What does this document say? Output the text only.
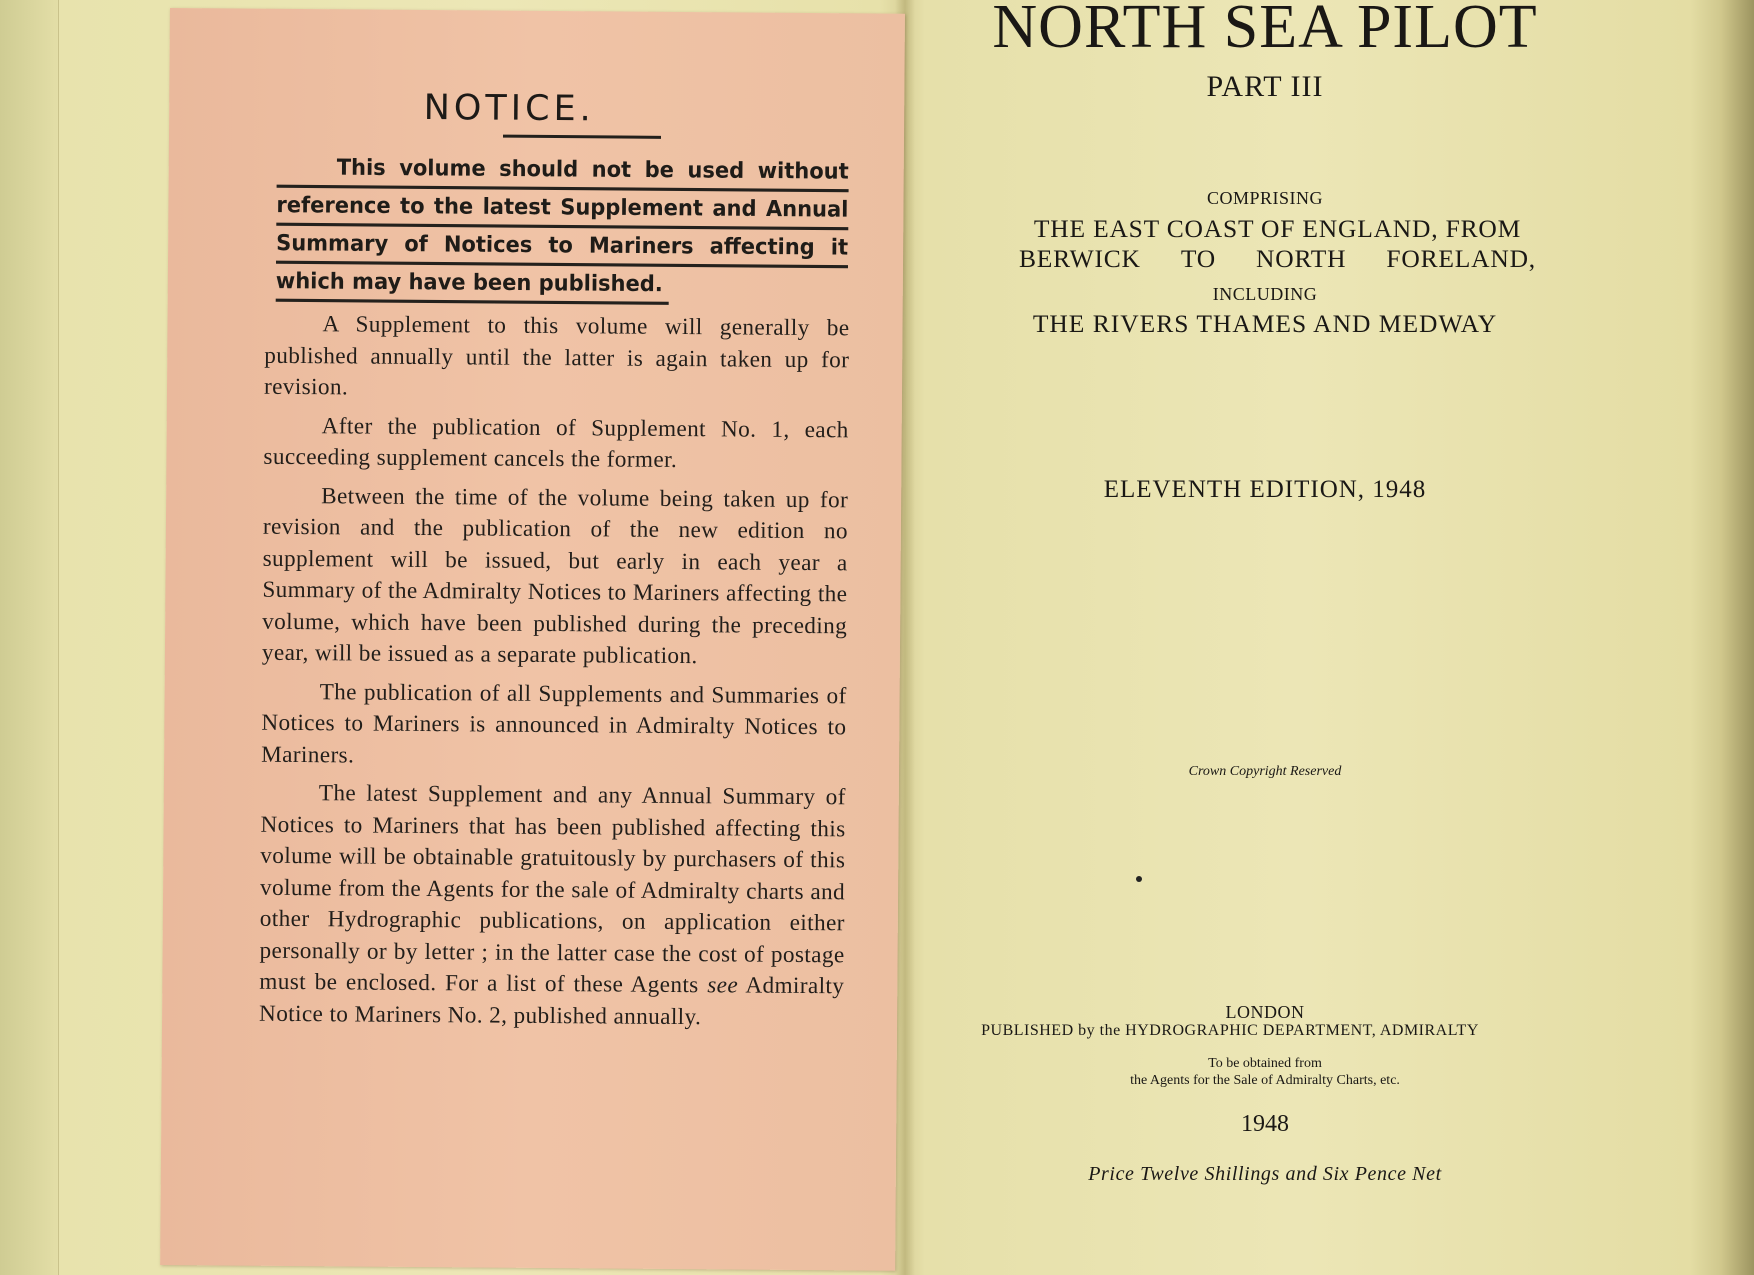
NOTICE.
This volume should not be used without
reference to the latest Supplement and Annual
Summary of Notices to Mariners affecting it
which may have been published.

A Supplement to this volume will generally be published annually until the latter is again taken up for revision.

After the publication of Supplement No. 1, each succeeding supplement cancels the former.

Between the time of the volume being taken up for revision and the publication of the new edition no supplement will be issued, but early in each year a Summary of the Admiralty Notices to Mariners affecting the volume, which have been published during the preceding year, will be issued as a separate publication.

The publication of all Supplements and Summaries of Notices to Mariners is announced in Admiralty Notices to Mariners.

The latest Supplement and any Annual Summary of Notices to Mariners that has been published affecting this volume will be obtainable gratuitously by purchasers of this volume from the Agents for the sale of Admiralty charts and other Hydrographic publications, on application either personally or by letter ; in the latter case the cost of postage must be enclosed. For a list of these Agents see Admiralty Notice to Mariners No. 2, published annually.

NORTH SEA PILOT
PART III
COMPRISING
THE EAST COAST OF ENGLAND, FROM
BERWICK TO NORTH FORELAND,
INCLUDING
THE RIVERS THAMES AND MEDWAY
ELEVENTH EDITION, 1948
Crown Copyright Reserved
LONDON
PUBLISHED by the HYDROGRAPHIC DEPARTMENT, ADMIRALTY
To be obtained from
the Agents for the Sale of Admiralty Charts, etc.
1948
Price Twelve Shillings and Six Pence Net
